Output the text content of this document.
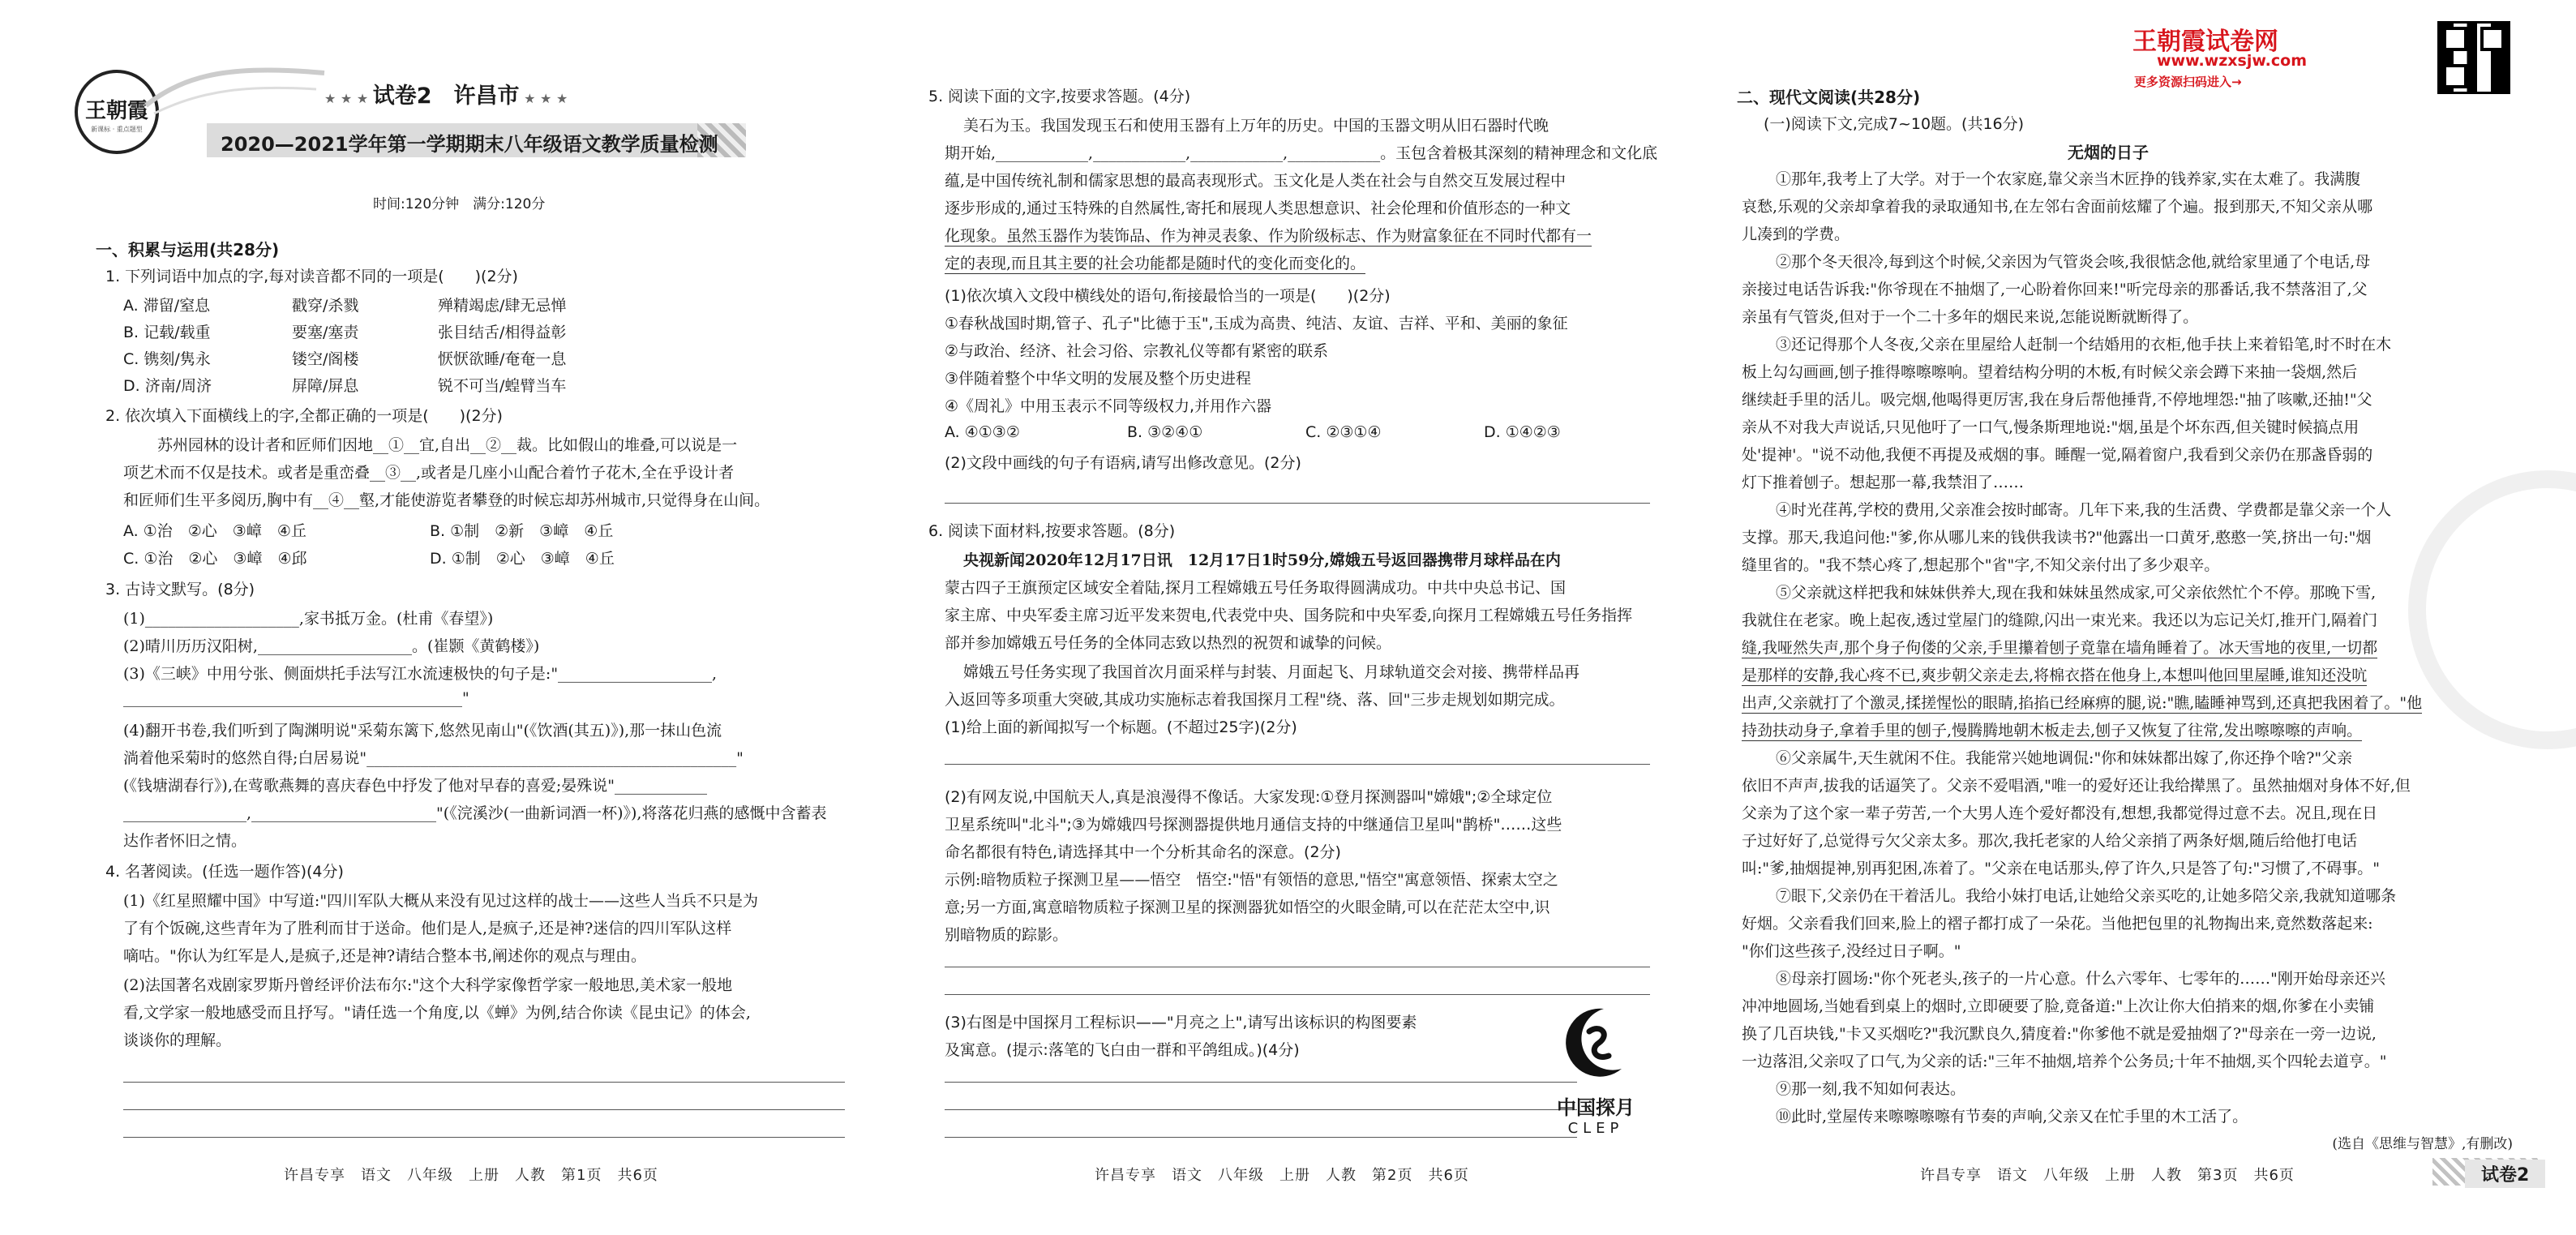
王朝霞
新课标 · 重点题型
★ ★ ★ 试卷2　许昌市 ★ ★ ★
2020—2021学年第一学期期末八年级语文教学质量检测
时间:120分钟　满分:120分
一、积累与运用(共28分)
1. 下列词语中加点的字,每对读音都不同的一项是(　　)(2分)
A. 滞留/窒息	戳穿/杀戮	殚精竭虑/肆无忌惮
B. 记载/载重	要塞/塞责	张目结舌/相得益彰
C. 镌刻/隽永	镂空/阁楼	恹恹欲睡/奄奄一息
D. 济南/周济	屏障/屏息	锐不可当/蝗臂当车
2. 依次填入下面横线上的字,全都正确的一项是(　　)(2分)
苏州园林的设计者和匠师们因地__①__宜,自出__②__裁。比如假山的堆叠,可以说是一
项艺术而不仅是技术。或者是重峦叠__③__,或者是几座小山配合着竹子花木,全在乎设计者
和匠师们生平多阅历,胸中有__④__壑,才能使游览者攀登的时候忘却苏州城市,只觉得身在山间。
A. ①治　②心　③嶂　④丘	B. ①制　②新　③嶂　④丘
C. ①治　②心　③嶂　④邱	D. ①制　②心　③嶂　④丘
3. 古诗文默写。(8分)
(1)____________________,家书抵万金。(杜甫《春望》)
(2)晴川历历汉阳树,____________________。(崔颢《黄鹤楼》)
(3)《三峡》中用兮张、侧面烘托手法写江水流速极快的句子是:"____________________,
____________________________________________"
(4)翻开书卷,我们听到了陶渊明说"采菊东篱下,悠然见南山"(《饮酒(其五)》),那一抹山色流
淌着他采菊时的悠然自得;白居易说"________________________________________________"
(《钱塘湖春行》),在莺歌燕舞的喜庆春色中抒发了他对早春的喜爱;晏殊说"____________
________________,________________________"(《浣溪沙(一曲新词酒一杯)》),将落花归燕的感慨中含蓄表
达作者怀旧之情。
4. 名著阅读。(任选一题作答)(4分)
(1)《红星照耀中国》中写道:"四川军队大概从来没有见过这样的战士——这些人当兵不只是为
了有个饭碗,这些青年为了胜利而甘于送命。他们是人,是疯子,还是神?迷信的四川军队这样
嘀咕。"你认为红军是人,是疯子,还是神?请结合整本书,阐述你的观点与理由。
(2)法国著名戏剧家罗斯丹曾经评价法布尔:"这个大科学家像哲学家一般地思,美术家一般地
看,文学家一般地感受而且抒写。"请任选一个角度,以《蝉》为例,结合你读《昆虫记》的体会,
谈谈你的理解。
许昌专享　语文　八年级　上册　人教　第1页　共6页
5. 阅读下面的文字,按要求答题。(4分)
美石为玉。我国发现玉石和使用玉器有上万年的历史。中国的玉器文明从旧石器时代晚
期开始,____________,____________,____________,____________。玉包含着极其深刻的精神理念和文化底
蕴,是中国传统礼制和儒家思想的最高表现形式。玉文化是人类在社会与自然交互发展过程中
逐步形成的,通过玉特殊的自然属性,寄托和展现人类思想意识、社会伦理和价值形态的一种文
化现象。虽然玉器作为装饰品、作为神灵表象、作为阶级标志、作为财富象征在不同时代都有一
定的表现,而且其主要的社会功能都是随时代的变化而变化的。
(1)依次填入文段中横线处的语句,衔接最恰当的一项是(　　)(2分)
①春秋战国时期,管子、孔子"比德于玉",玉成为高贵、纯洁、友谊、吉祥、平和、美丽的象征
②与政治、经济、社会习俗、宗教礼仪等都有紧密的联系
③伴随着整个中华文明的发展及整个历史进程
④《周礼》中用玉表示不同等级权力,并用作六器
A. ④①③②	B. ③②④①	C. ②③①④	D. ①④②③
(2)文段中画线的句子有语病,请写出修改意见。(2分)
6. 阅读下面材料,按要求答题。(8分)
央视新闻2020年12月17日讯　12月17日1时59分,嫦娥五号返回器携带月球样品在内
蒙古四子王旗预定区域安全着陆,探月工程嫦娥五号任务取得圆满成功。中共中央总书记、国
家主席、中央军委主席习近平发来贺电,代表党中央、国务院和中央军委,向探月工程嫦娥五号任务指挥
部并参加嫦娥五号任务的全体同志致以热烈的祝贺和诚挚的问候。
嫦娥五号任务实现了我国首次月面采样与封装、月面起飞、月球轨道交会对接、携带样品再
入返回等多项重大突破,其成功实施标志着我国探月工程"绕、落、回"三步走规划如期完成。
(1)给上面的新闻拟写一个标题。(不超过25字)(2分)
(2)有网友说,中国航天人,真是浪漫得不像话。大家发现:①登月探测器叫"嫦娥";②全球定位
卫星系统叫"北斗";③为嫦娥四号探测器提供地月通信支持的中继通信卫星叫"鹊桥"……这些
命名都很有特色,请选择其中一个分析其命名的深意。(2分)
示例:暗物质粒子探测卫星——悟空　悟空:"悟"有领悟的意思,"悟空"寓意领悟、探索太空之
意;另一方面,寓意暗物质粒子探测卫星的探测器犹如悟空的火眼金睛,可以在茫茫太空中,识
别暗物质的踪影。
(3)右图是中国探月工程标识——"月亮之上",请写出该标识的构图要素
及寓意。(提示:落笔的飞白由一群和平鸽组成。)(4分)
中国探月
CLEP
许昌专享　语文　八年级　上册　人教　第2页　共6页
王朝霞试卷网
www.wzxsjw.com
更多资源扫码进入→
二、现代文阅读(共28分)
(一)阅读下文,完成7~10题。(共16分)
无烟的日子
①那年,我考上了大学。对于一个农家庭,靠父亲当木匠挣的钱养家,实在太难了。我满腹
哀愁,乐观的父亲却拿着我的录取通知书,在左邻右舍面前炫耀了个遍。报到那天,不知父亲从哪
儿凑到的学费。
②那个冬天很冷,每到这个时候,父亲因为气管炎会咳,我很惦念他,就给家里通了个电话,母
亲接过电话告诉我:"你爷现在不抽烟了,一心盼着你回来!"听完母亲的那番话,我不禁落泪了,父
亲虽有气管炎,但对于一个二十多年的烟民来说,怎能说断就断得了。
③还记得那个人冬夜,父亲在里屋给人赶制一个结婚用的衣柜,他手扶上来着铅笔,时不时在木
板上勾勾画画,刨子推得嚓嚓嚓响。望着结构分明的木板,有时候父亲会蹲下来抽一袋烟,然后
继续赶手里的活儿。吸完烟,他喝得更厉害,我在身后帮他捶背,不停地埋怨:"抽了咳嗽,还抽!"父
亲从不对我大声说话,只见他吁了一口气,慢条斯理地说:"烟,虽是个坏东西,但关键时候搞点用
处'提神'。"说不动他,我便不再提及戒烟的事。睡醒一觉,隔着窗户,我看到父亲仍在那盏昏弱的
灯下推着刨子。想起那一幕,我禁泪了……
④时光荏苒,学校的费用,父亲准会按时邮寄。几年下来,我的生活费、学费都是靠父亲一个人
支撑。那天,我追问他:"爹,你从哪儿来的钱供我读书?"他露出一口黄牙,憨憨一笑,挤出一句:"烟
缝里省的。"我不禁心疼了,想起那个"省"字,不知父亲付出了多少艰辛。
⑤父亲就这样把我和妹妹供养大,现在我和妹妹虽然成家,可父亲依然忙个不停。那晚下雪,
我就住在老家。晚上起夜,透过堂屋门的缝隙,闪出一束光来。我还以为忘记关灯,推开门,隔着门
缝,我哑然失声,那个身子佝偻的父亲,手里攥着刨子竟靠在墙角睡着了。冰天雪地的夜里,一切都
是那样的安静,我心疼不已,爽步朝父亲走去,将棉衣搭在他身上,本想叫他回里屋睡,谁知还没吭
出声,父亲就打了个激灵,揉搓惺忪的眼睛,掐掐已经麻痹的腿,说:"瞧,瞌睡神骂到,还真把我困着了。"他
持劲扶动身子,拿着手里的刨子,慢腾腾地朝木板走去,刨子又恢复了往常,发出嚓嚓嚓的声响。
⑥父亲属牛,天生就闲不住。我能常兴她地调侃:"你和妹妹都出嫁了,你还挣个啥?"父亲
依旧不声声,拔我的话逼笑了。父亲不爱唱酒,"唯一的爱好还让我给撵黑了。虽然抽烟对身体不好,但
父亲为了这个家一辈子劳苦,一个大男人连个爱好都没有,想想,我都觉得过意不去。况且,现在日
子过好好了,总觉得亏欠父亲太多。那次,我托老家的人给父亲捎了两条好烟,随后给他打电话
叫:"爹,抽烟提神,别再犯困,冻着了。"父亲在电话那头,停了许久,只是答了句:"习惯了,不碍事。"
⑦眼下,父亲仍在干着活儿。我给小妹打电话,让她给父亲买吃的,让她多陪父亲,我就知道哪条
好烟。父亲看我们回来,脸上的褶子都打成了一朵花。当他把包里的礼物掏出来,竟然数落起来:
"你们这些孩子,没经过日子啊。"
⑧母亲打圆场:"你个死老头,孩子的一片心意。什么六零年、七零年的……"刚开始母亲还兴
冲冲地圆场,当她看到桌上的烟时,立即硬要了脸,竟备道:"上次让你大伯捎来的烟,你爹在小卖铺
换了几百块钱,"卡又买烟吃?"我沉默良久,猜度着:"你爹他不就是爱抽烟了?"母亲在一旁一边说,
一边落泪,父亲叹了口气,为父亲的话:"三年不抽烟,培养个公务员;十年不抽烟,买个四轮去道亨。"
⑨那一刻,我不知如何表达。
⑩此时,堂屋传来嚓嚓嚓嚓有节奏的声响,父亲又在忙手里的木工活了。
(选自《思维与智慧》,有删改)
许昌专享　语文　八年级　上册　人教　第3页　共6页	试卷2
